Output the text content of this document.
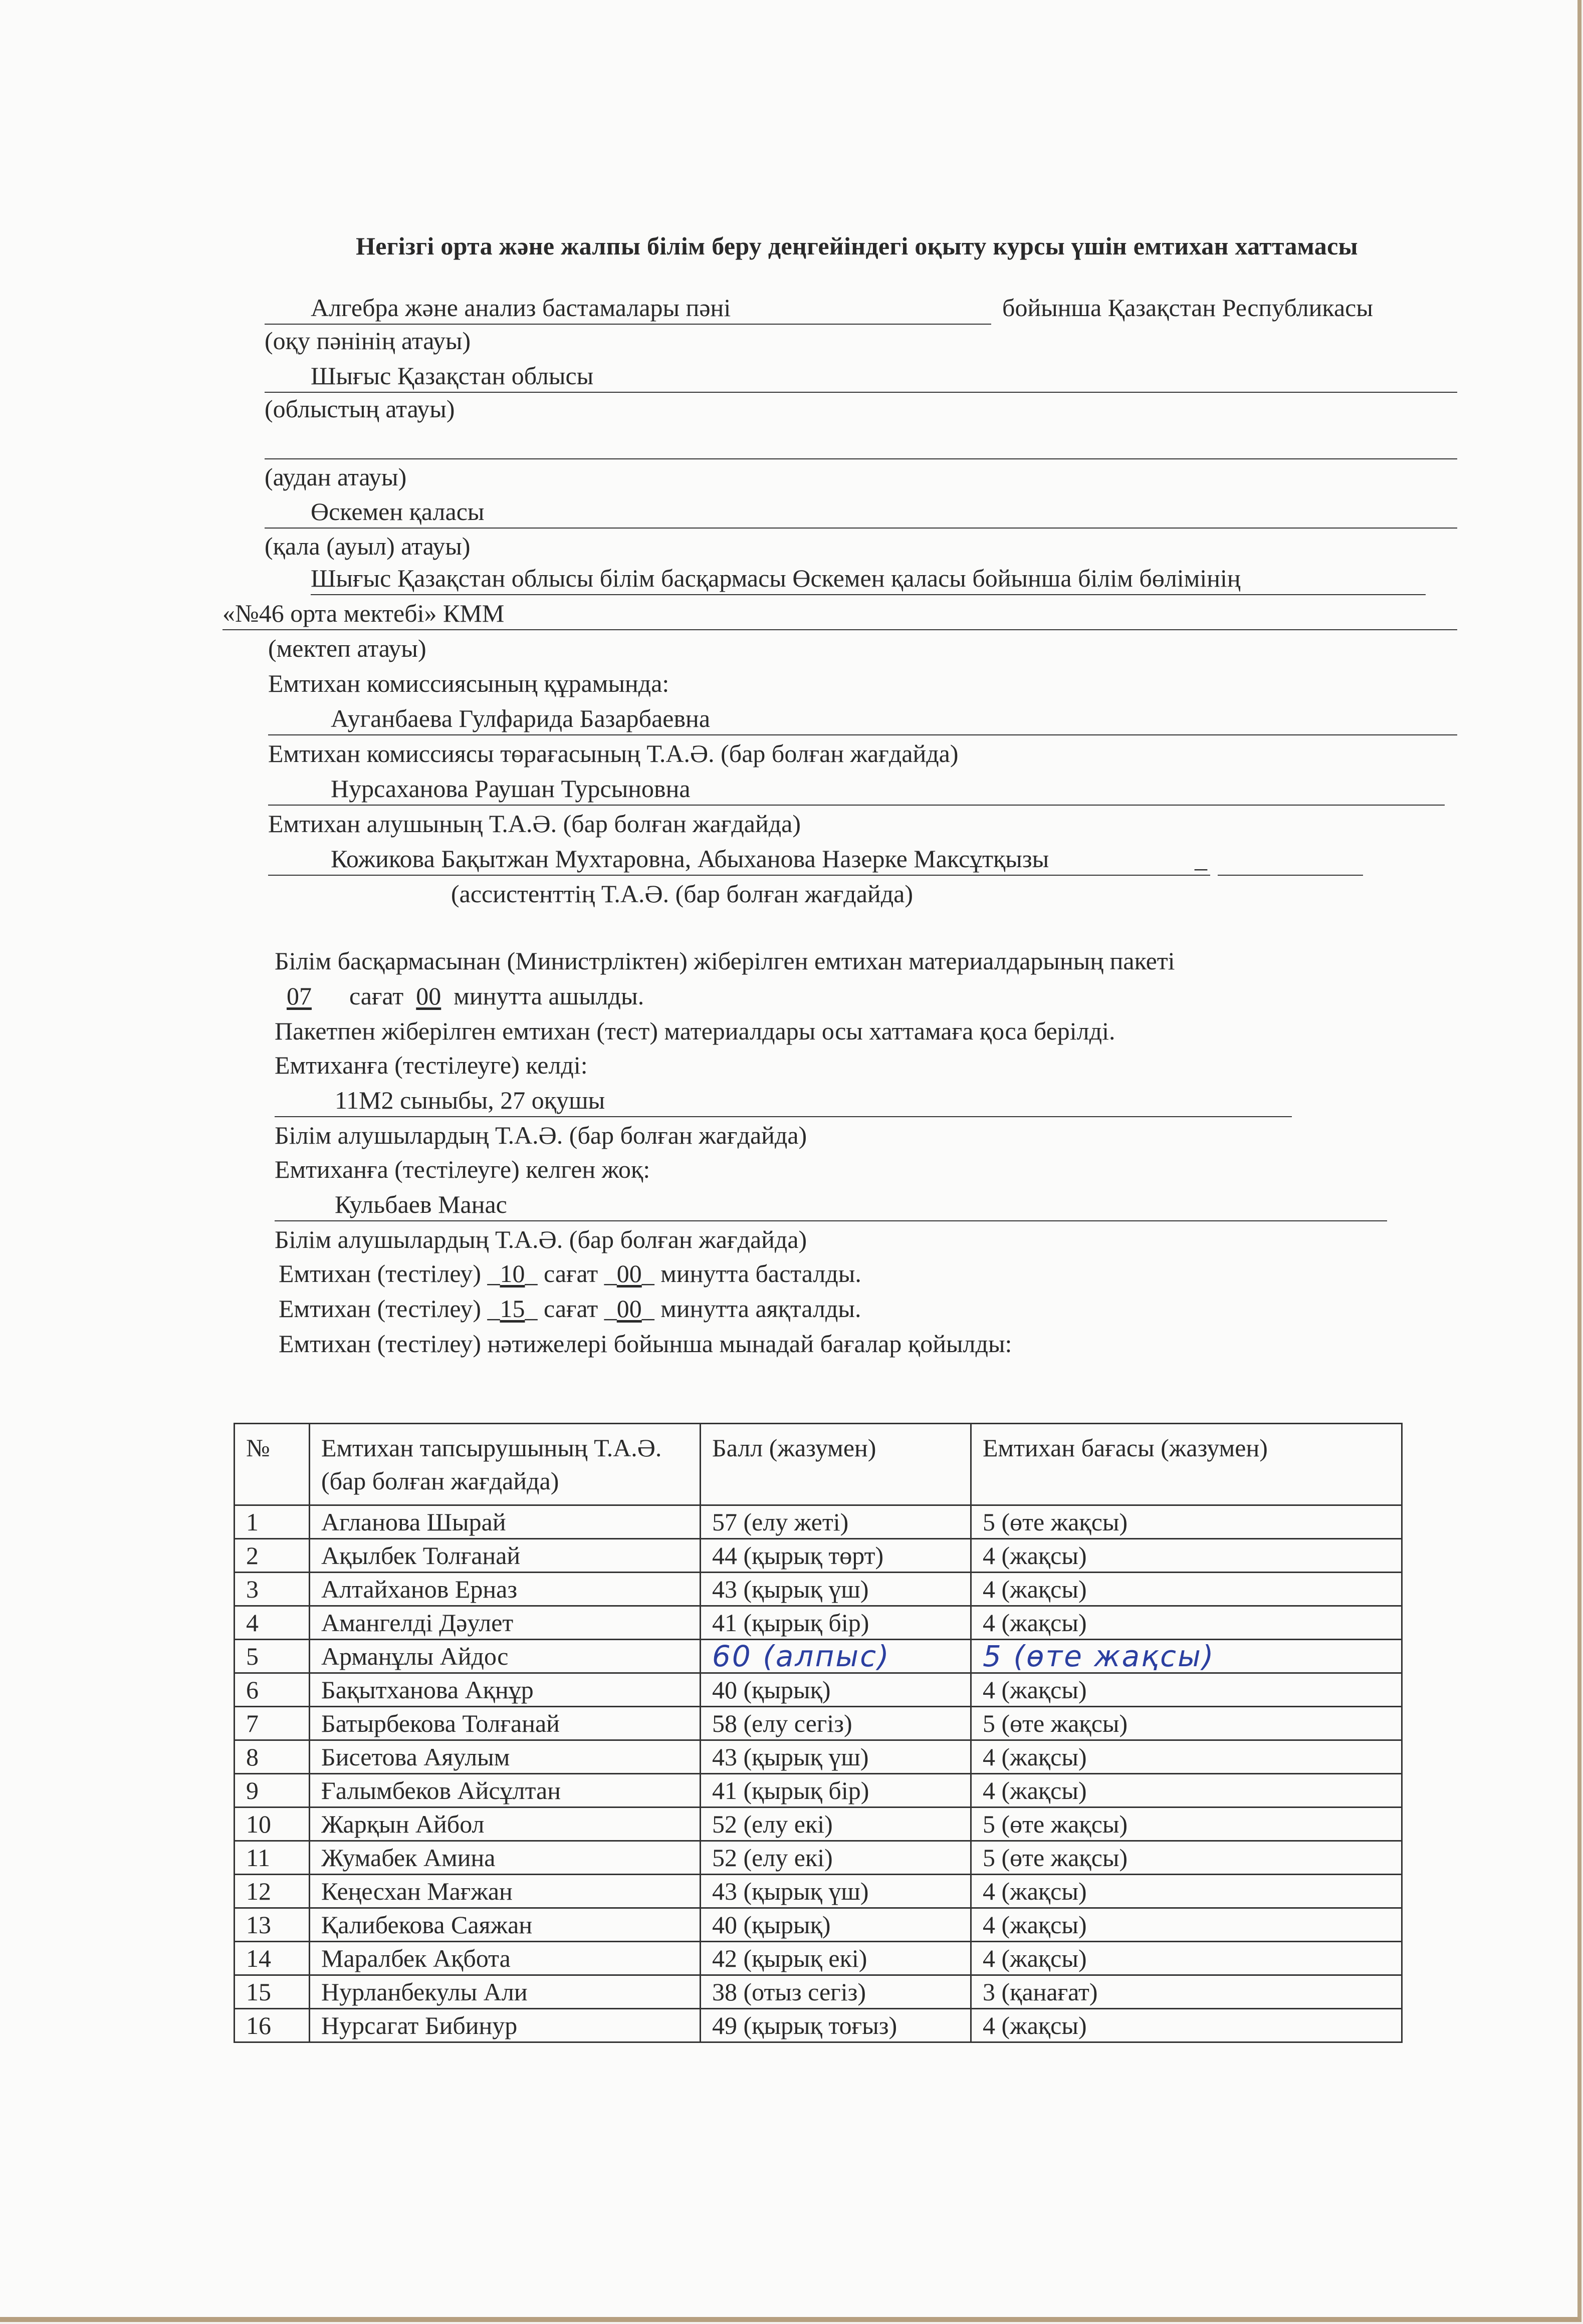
Негізгі орта және жалпы білім беру деңгейіндегі оқыту курсы үшін емтихан хаттамасы
Алгебра және анализ бастамалары пәні	бойынша Қазақстан Республикасы
(оқу пәнінің атауы)
Шығыс Қазақстан облысы
(облыстың атауы)
(аудан атауы)
Өскемен қаласы
(қала (ауыл) атауы)
Шығыс Қазақстан облысы білім басқармасы Өскемен қаласы бойынша білім бөлімінің
«№46 орта мектебі» КММ
(мектеп атауы)
Емтихан комиссиясының құрамында:
Ауганбаева Гулфарида Базарбаевна
Емтихан комиссиясы төрағасының Т.А.Ә. (бар болған жағдайда)
Нурсаханова Раушан Турсыновна
Емтихан алушының Т.А.Ә. (бар болған жағдайда)
Кожикова Бақытжан Мухтаровна, Абыханова Назерке Максұтқызы	_
(ассистенттің Т.А.Ә. (бар болған жағдайда)
Білім басқармасынан (Министрліктен) жіберілген емтихан материалдарының пакеті
07 сағат 00 минутта ашылды.
Пакетпен жіберілген емтихан (тест) материалдары осы хаттамаға қоса берілді.
Емтиханға (тестілеуге) келді:
11М2 сыныбы, 27 оқушы
Білім алушылардың Т.А.Ә. (бар болған жағдайда)
Емтиханға (тестілеуге) келген жоқ:
Кульбаев Манас
Білім алушылардың Т.А.Ә. (бар болған жағдайда)
Емтихан (тестілеу) _10_ сағат _00_ минутта басталды.
Емтихан (тестілеу) _15_ сағат _00_ минутта аяқталды.
Емтихан (тестілеу) нәтижелері бойынша мынадай бағалар қойылды:
№	Емтихан тапсырушының Т.А.Ә. (бар болған жағдайда)	Балл (жазумен)	Емтихан бағасы (жазумен)
1	Агланова Шырай	57 (елу жеті)	5 (өте жақсы)
2	Ақылбек Толғанай	44 (қырық төрт)	4 (жақсы)
3	Алтайханов Ерназ	43 (қырық үш)	4 (жақсы)
4	Амангелді Дәулет	41 (қырық бір)	4 (жақсы)
5	Арманұлы Айдос	60 (алпыс)	5 (өте жақсы)
6	Бақытханова Ақнұр	40 (қырық)	4 (жақсы)
7	Батырбекова Толғанай	58 (елу сегіз)	5 (өте жақсы)
8	Бисетова Аяулым	43 (қырық үш)	4 (жақсы)
9	Ғалымбеков Айсұлтан	41 (қырық бір)	4 (жақсы)
10	Жарқын Айбол	52 (елу екі)	5 (өте жақсы)
11	Жумабек Амина	52 (елу екі)	5 (өте жақсы)
12	Кеңесхан Мағжан	43 (қырық үш)	4 (жақсы)
13	Қалибекова Саяжан	40 (қырық)	4 (жақсы)
14	Маралбек Ақбота	42 (қырық екі)	4 (жақсы)
15	Нурланбекулы Али	38 (отыз сегіз)	3 (қанағат)
16	Нурсагат Бибинур	49 (қырық тоғыз)	4 (жақсы)
